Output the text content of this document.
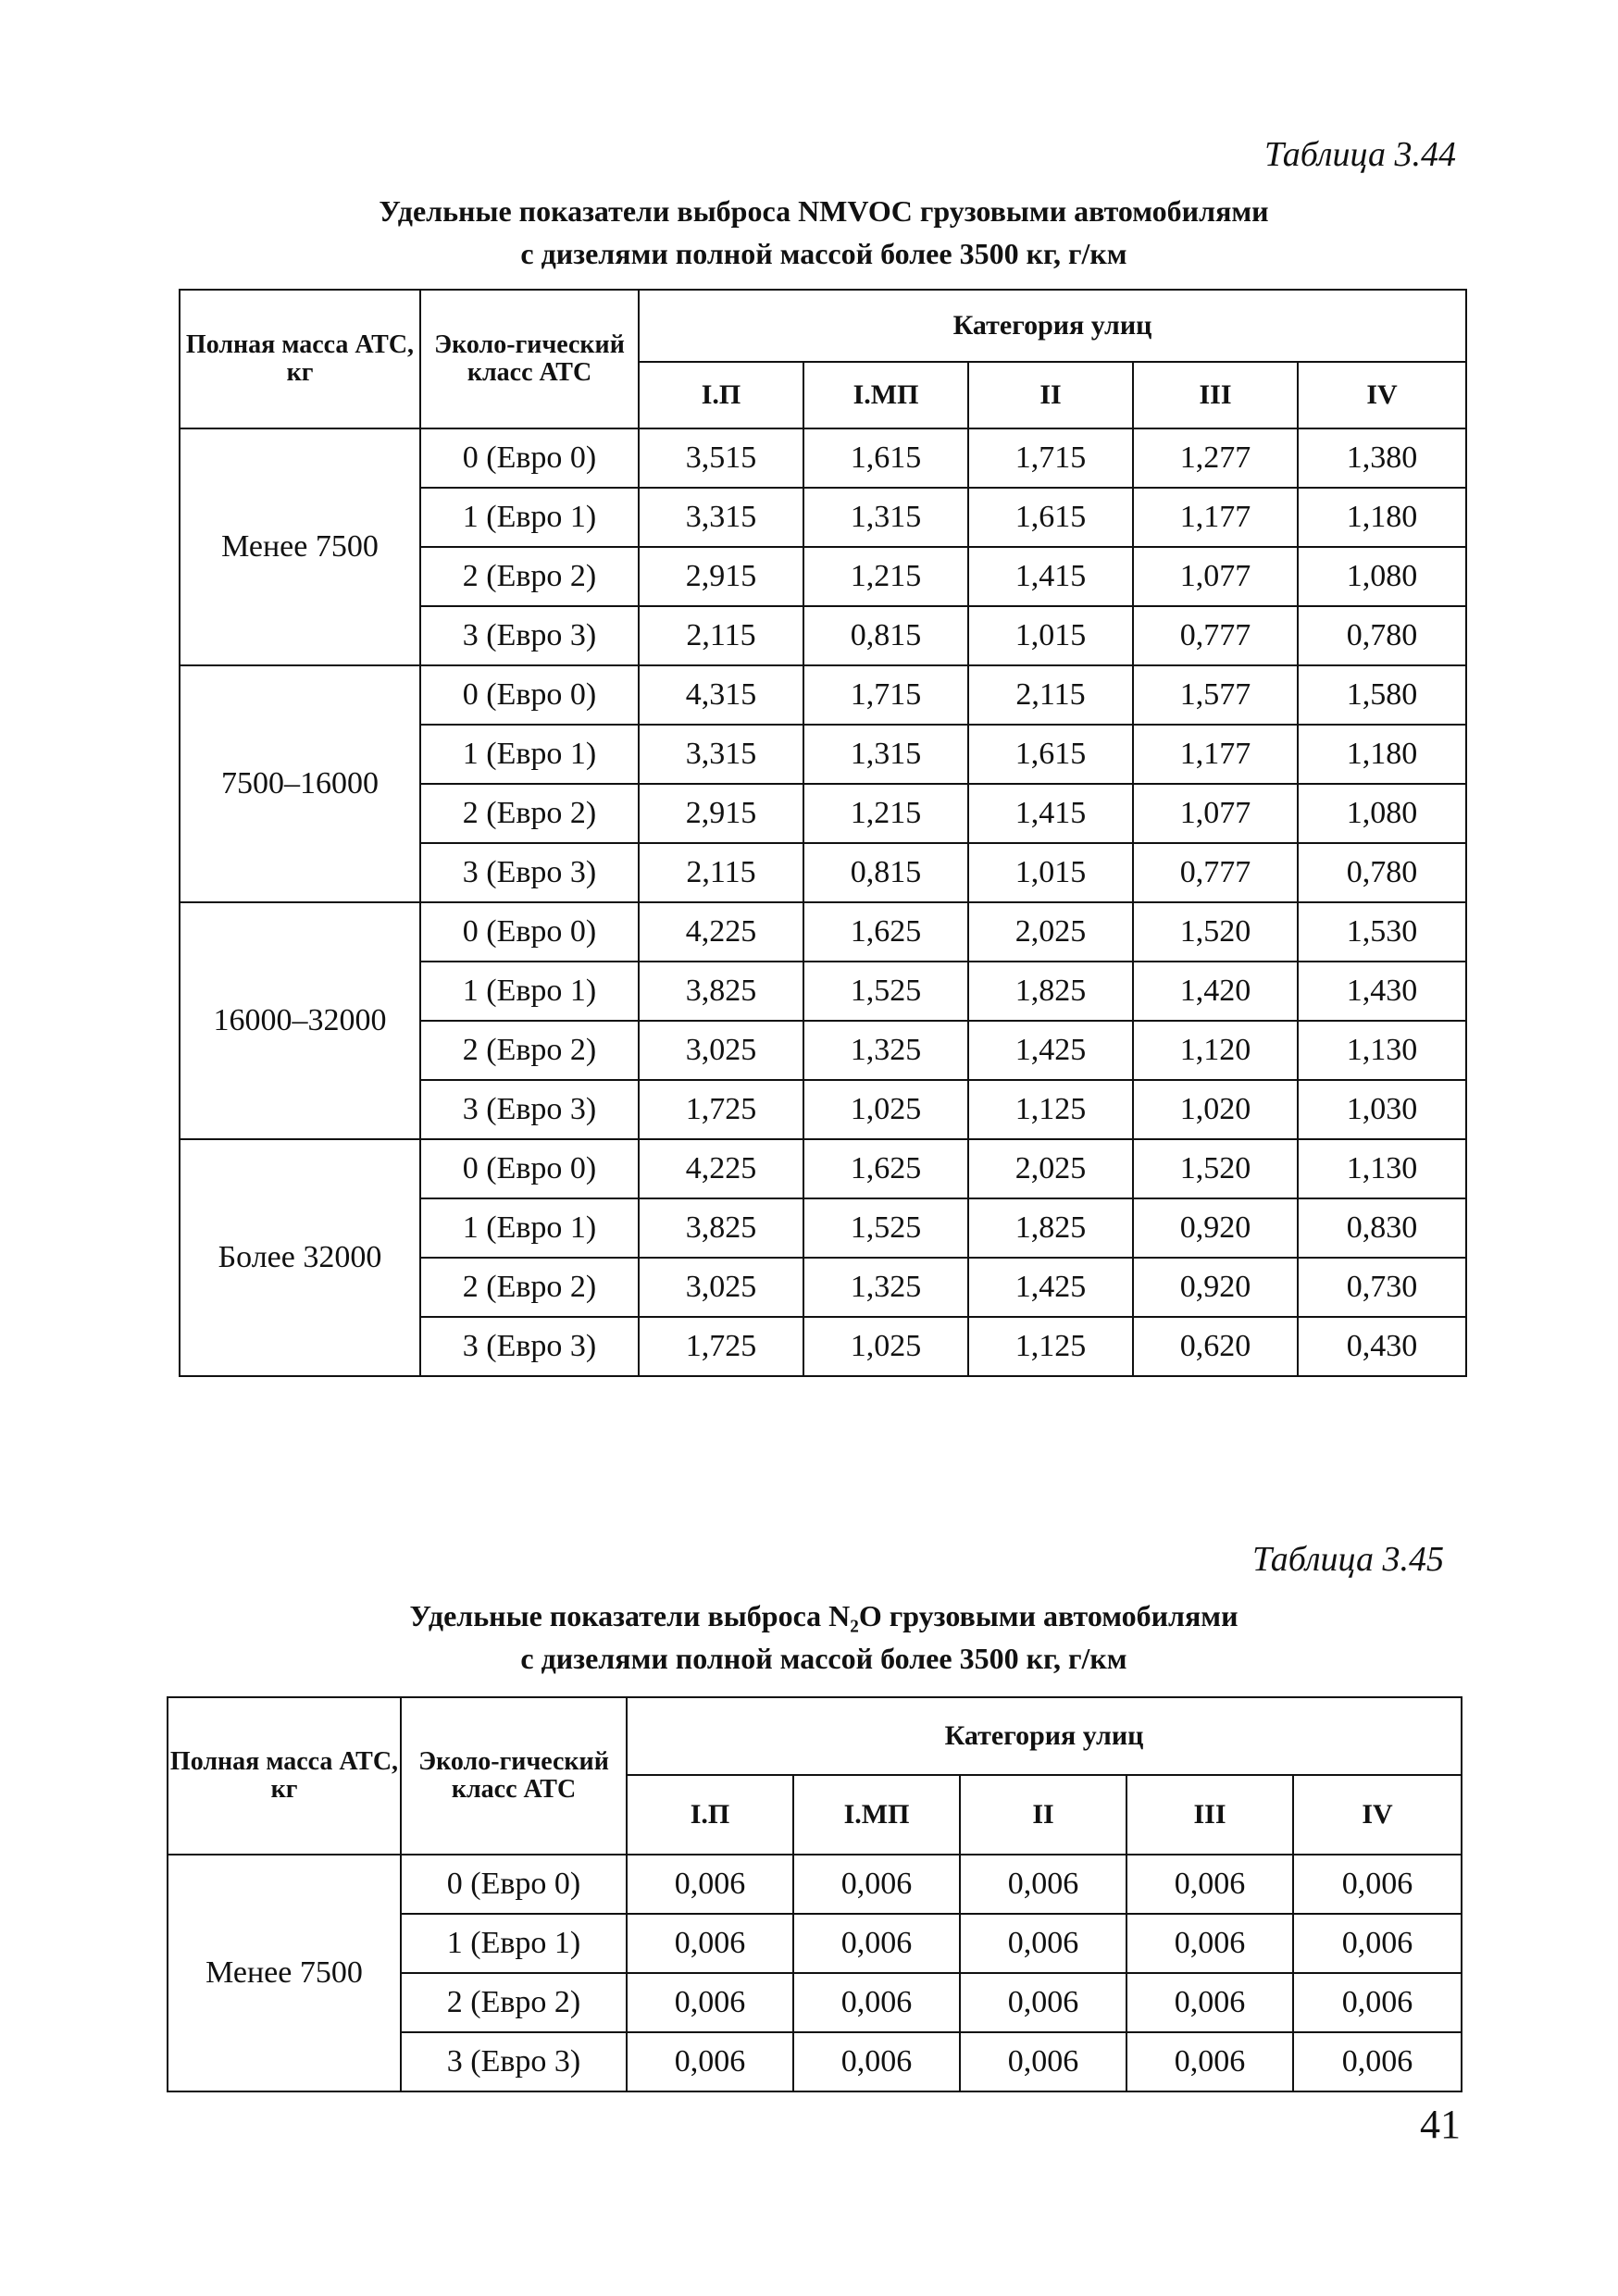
Таблица 3.44
Удельные показатели выброса NMVOC грузовыми автомобилями
с дизелями полной массой более 3500 кг, г/км
Полная масса АТС, кг	Эколо-гический класс АТС	Категория улиц				
		I.П	I.МП	II	III	IV
Менее 7500	0 (Евро 0)	3,515	1,615	1,715	1,277	1,380
	1 (Евро 1)	3,315	1,315	1,615	1,177	1,180
	2 (Евро 2)	2,915	1,215	1,415	1,077	1,080
	3 (Евро 3)	2,115	0,815	1,015	0,777	0,780
7500–16000	0 (Евро 0)	4,315	1,715	2,115	1,577	1,580
	1 (Евро 1)	3,315	1,315	1,615	1,177	1,180
	2 (Евро 2)	2,915	1,215	1,415	1,077	1,080
	3 (Евро 3)	2,115	0,815	1,015	0,777	0,780
16000–32000	0 (Евро 0)	4,225	1,625	2,025	1,520	1,530
	1 (Евро 1)	3,825	1,525	1,825	1,420	1,430
	2 (Евро 2)	3,025	1,325	1,425	1,120	1,130
	3 (Евро 3)	1,725	1,025	1,125	1,020	1,030
Более 32000	0 (Евро 0)	4,225	1,625	2,025	1,520	1,130
	1 (Евро 1)	3,825	1,525	1,825	0,920	0,830
	2 (Евро 2)	3,025	1,325	1,425	0,920	0,730
	3 (Евро 3)	1,725	1,025	1,125	0,620	0,430
Таблица 3.45
Удельные показатели выброса N₂O грузовыми автомобилями
с дизелями полной массой более 3500 кг, г/км
Полная масса АТС, кг	Эколо-гический класс АТС	Категория улиц				
		I.П	I.МП	II	III	IV
Менее 7500	0 (Евро 0)	0,006	0,006	0,006	0,006	0,006
	1 (Евро 1)	0,006	0,006	0,006	0,006	0,006
	2 (Евро 2)	0,006	0,006	0,006	0,006	0,006
	3 (Евро 3)	0,006	0,006	0,006	0,006	0,006
41
